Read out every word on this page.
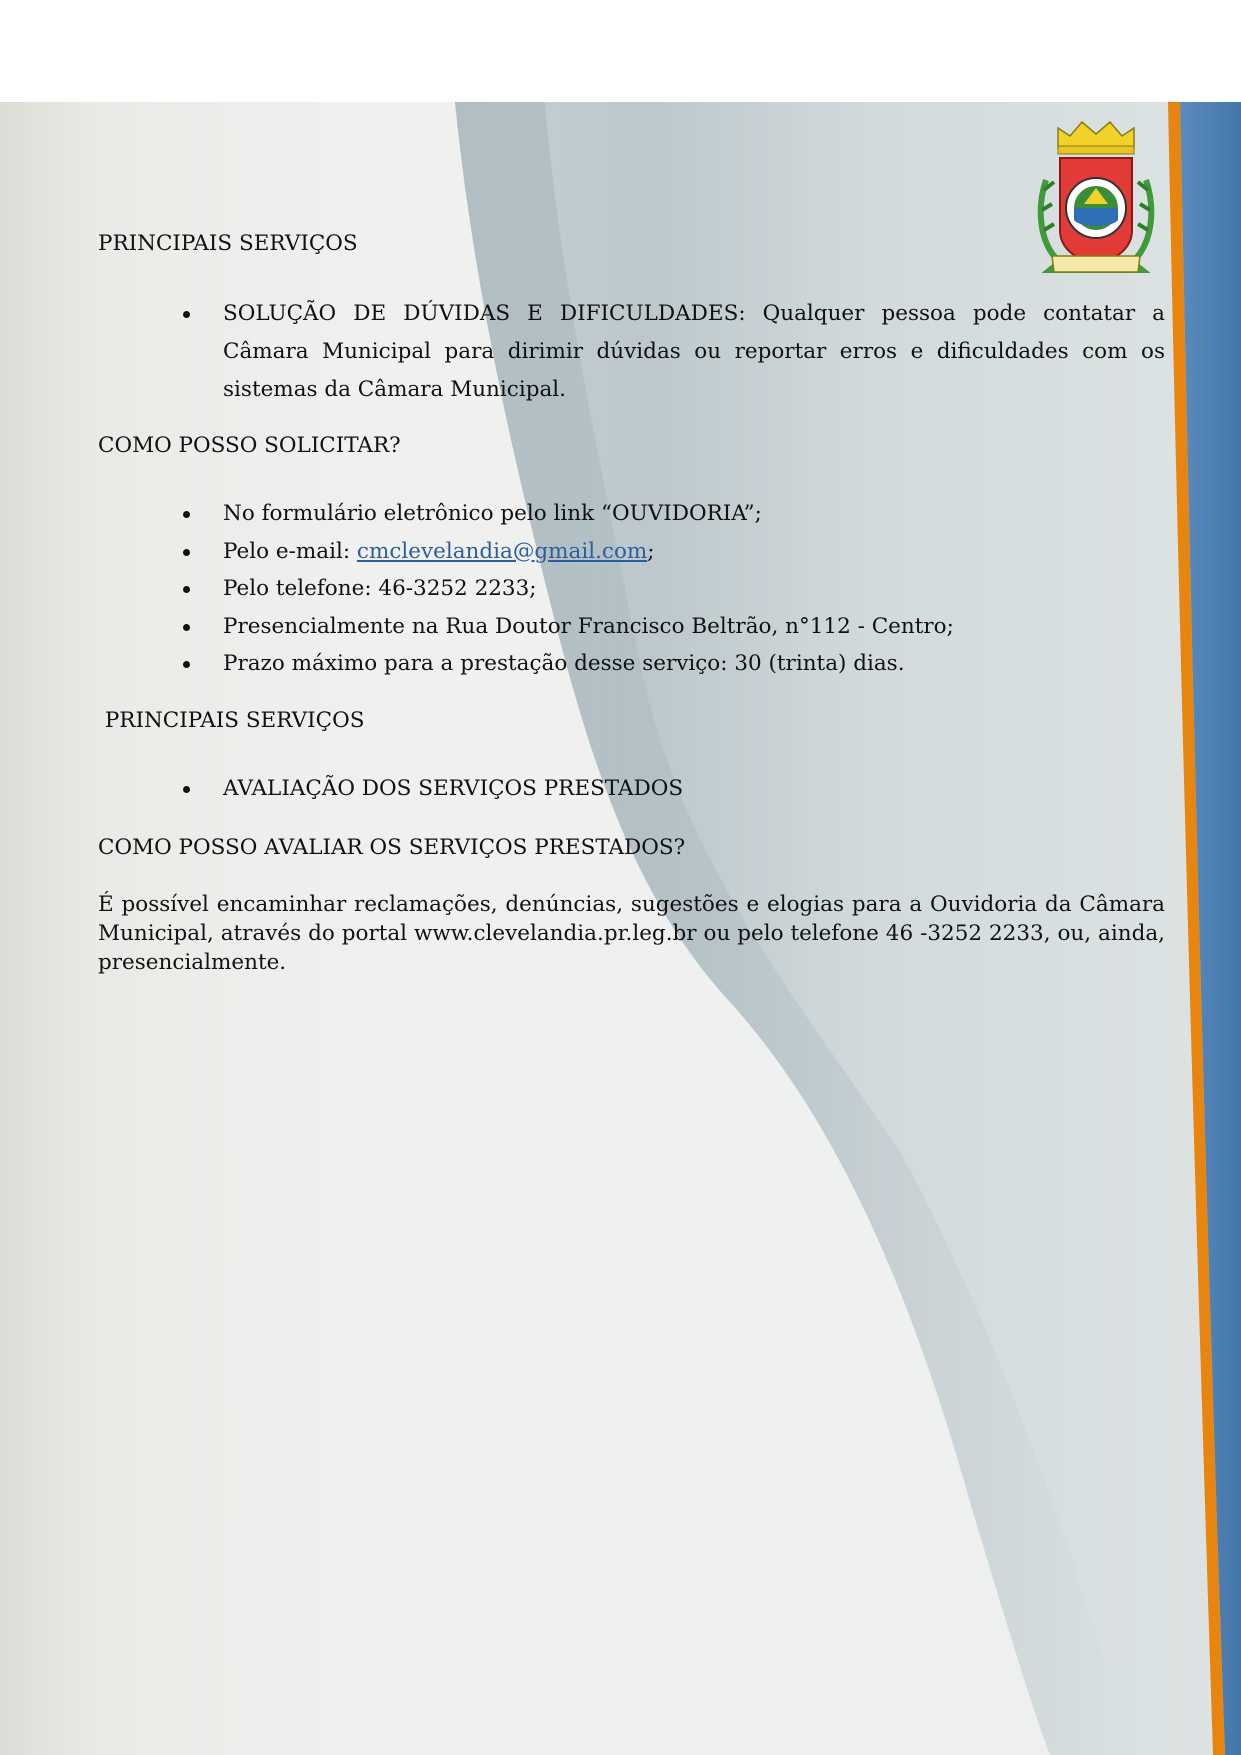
PRINCIPAIS SERVIÇOS
SOLUÇÃO DE DÚVIDAS E DIFICULDADES: Qualquer pessoa pode contatar a Câmara Municipal para dirimir dúvidas ou reportar erros e dificuldades com os sistemas da Câmara Municipal.
COMO POSSO SOLICITAR?
No formulário eletrônico pelo link “OUVIDORIA”;
Pelo e-mail: cmclevelandia@gmail.com;
Pelo telefone: 46-3252 2233;
Presencialmente na Rua Doutor Francisco Beltrão, n°112 - Centro;
Prazo máximo para a prestação desse serviço: 30 (trinta) dias.
PRINCIPAIS SERVIÇOS
AVALIAÇÃO DOS SERVIÇOS PRESTADOS
COMO POSSO AVALIAR OS SERVIÇOS PRESTADOS?
É possível encaminhar reclamações, denúncias, sugestões e elogias para a Ouvidoria da Câmara Municipal, através do portal www.clevelandia.pr.leg.br ou pelo telefone 46 -3252 2233, ou, ainda, presencialmente.
